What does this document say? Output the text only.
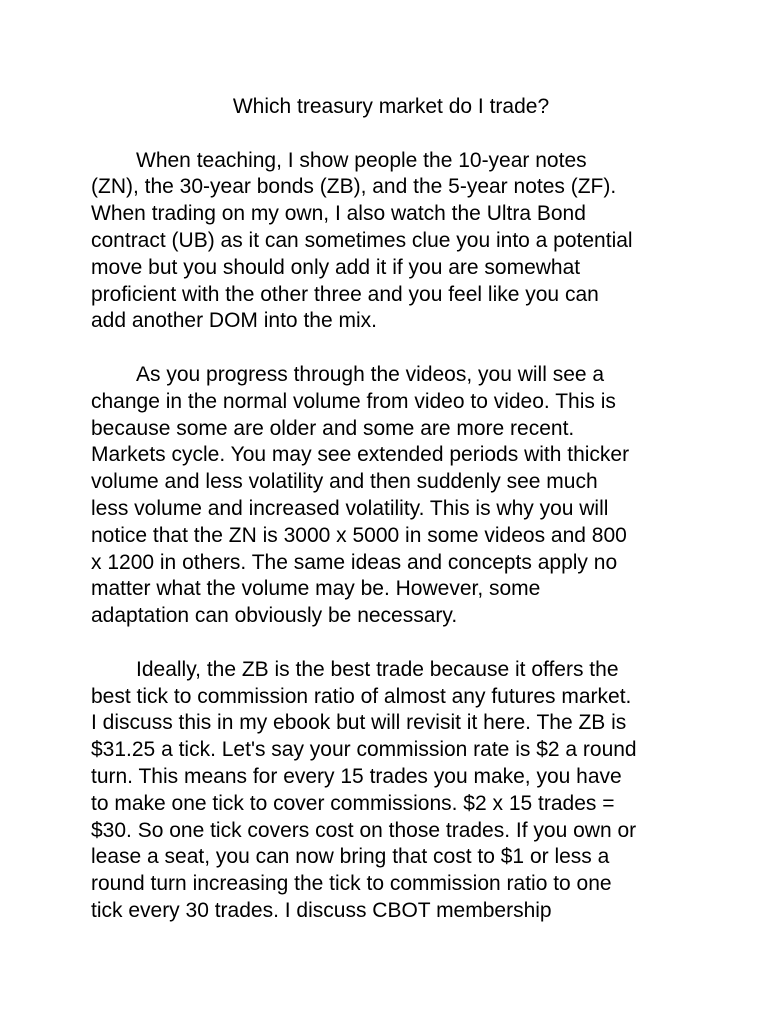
Which treasury market do I trade?
When teaching, I show people the 10-year notes
(ZN), the 30-year bonds (ZB), and the 5-year notes (ZF).
When trading on my own, I also watch the Ultra Bond
contract (UB) as it can sometimes clue you into a potential
move but you should only add it if you are somewhat
proficient with the other three and you feel like you can
add another DOM into the mix.
As you progress through the videos, you will see a
change in the normal volume from video to video. This is
because some are older and some are more recent.
Markets cycle. You may see extended periods with thicker
volume and less volatility and then suddenly see much
less volume and increased volatility. This is why you will
notice that the ZN is 3000 x 5000 in some videos and 800
x 1200 in others. The same ideas and concepts apply no
matter what the volume may be. However, some
adaptation can obviously be necessary.
Ideally, the ZB is the best trade because it offers the
best tick to commission ratio of almost any futures market.
I discuss this in my ebook but will revisit it here. The ZB is
$31.25 a tick. Let's say your commission rate is $2 a round
turn. This means for every 15 trades you make, you have
to make one tick to cover commissions. $2 x 15 trades =
$30. So one tick covers cost on those trades. If you own or
lease a seat, you can now bring that cost to $1 or less a
round turn increasing the tick to commission ratio to one
tick every 30 trades. I discuss CBOT membership
